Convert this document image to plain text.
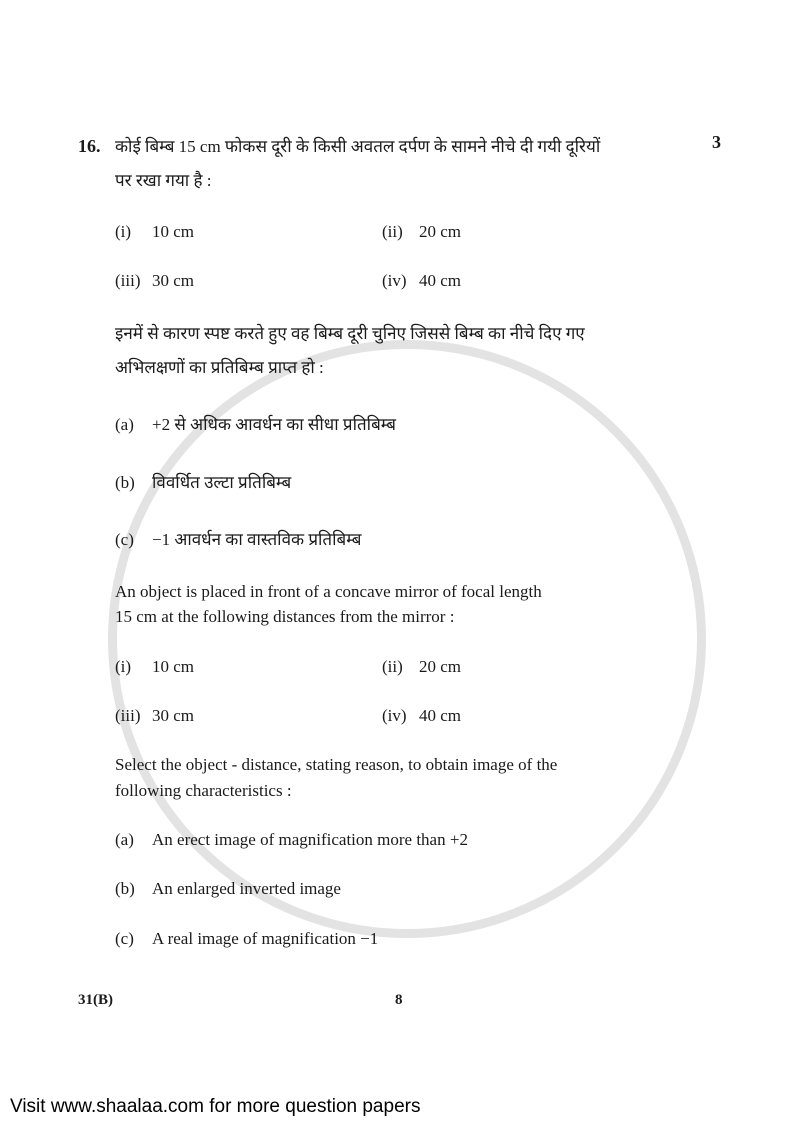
16.	3
कोई बिम्ब 15 cm फोकस दूरी के किसी अवतल दर्पण के सामने नीचे दी गयी दूरियों
पर रखा गया है :
(i)	10 cm	(ii) 20 cm
(iii) 30 cm	(iv) 40 cm
इनमें से कारण स्पष्ट करते हुए वह बिम्ब दूरी चुनिए जिससे बिम्ब का नीचे दिए गए
अभिलक्षणों का प्रतिबिम्ब प्राप्त हो :
(a)	+2 से अधिक आवर्धन का सीधा प्रतिबिम्ब
(b)	विवर्धित उल्टा प्रतिबिम्ब
(c)	−1 आवर्धन का वास्तविक प्रतिबिम्ब
An object is placed in front of a concave mirror of focal length
15 cm at the following distances from the mirror :
(i)	10 cm	(ii) 20 cm
(iii) 30 cm	(iv) 40 cm
Select the object - distance, stating reason, to obtain image of the
following characteristics :
(a)	An erect image of magnification more than +2
(b)	An enlarged inverted image
(c)	A real image of magnification −1
31(B)	8
Visit www.shaalaa.com for more question papers
